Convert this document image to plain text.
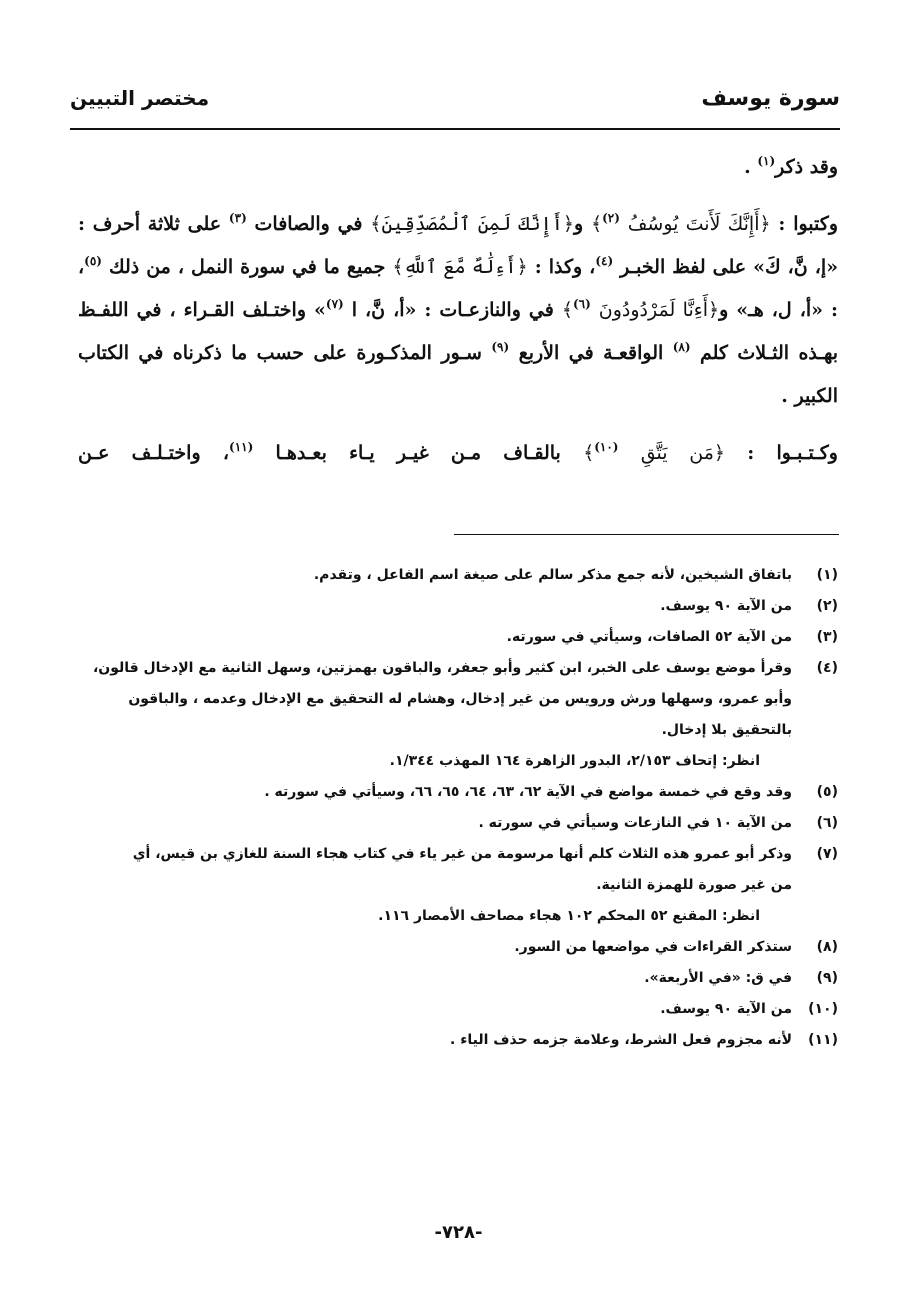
سورة يوسف
مختصر التبيين

وقد ذكر$^{(١)}$ .

وكتبوا : ﴿أَإِنَّكَ لَأَنتَ يُوسُفُ $^{(٢)}$﴾ و﴿أَإِنَّكَ لَمِنَ ٱلْمُصَدِّقِينَ﴾ في والصافات $^{(٣)}$ على ثلاثة أحرف : «إ، نَّ، كَ» على لفظ الخبـر $^{(٤)}$، وكذا : ﴿أَءِلَٰهٌ مَّعَ ٱللَّهِ﴾ جميع ما في سورة النمل ، من ذلك $^{(٥)}$، : «أ، ل، هـ» و﴿أَءِنَّا لَمَرْدُودُونَ $^{(٦)}$﴾ في والنازعـات : «أ، نَّ، ا $^{(٧)}$» واختـلف القـراء ، في اللفـظ بهـذه الثـلاث كلم $^{(٨)}$ الواقعـة في الأربع $^{(٩)}$ سـور المذكـورة على حسب ما ذكرناه في الكتاب الكبير .

وكـتـبـوا : ﴿مَن يَتَّقِ $^{(١٠)}$﴾ بالقـاف مـن غيـر يـاء بعـدهـا $^{(١١)}$، واختـلـف عـن

(١)
باتفاق الشيخين، لأنه جمع مذكر سالم على صيغة اسم الفاعل ، وتقدم.
(٢)
من الآية ٩٠ يوسف.
(٣)
من الآية ٥٢ الصافات، وسيأتي في سورته.
(٤)
وقرأ موضع يوسف على الخبر، ابن كثير وأبو جعفر، والباقون بهمزتين، وسهل الثانية مع الإدخال قالون،
وأبو عمرو، وسهلها ورش ورويس من غير إدخال، وهشام له التحقيق مع الإدخال وعدمه ، والباقون
بالتحقيق بلا إدخال.
انظر: إتحاف ٢/١٥٣، البدور الزاهرة ١٦٤ المهذب ١/٣٤٤.
(٥)
وقد وقع في خمسة مواضع في الآية ٦٢، ٦٣، ٦٤، ٦٥، ٦٦، وسيأتي في سورته .
(٦)
من الآية ١٠ في النازعات وسيأتي في سورته .
(٧)
وذكر أبو عمرو هذه الثلاث كلم أنها مرسومة من غير ياء في كتاب هجاء السنة للغازي بن قيس، أي
من غير صورة للهمزة الثانية.
انظر: المقنع ٥٢ المحكم ١٠٢ هجاء مصاحف الأمصار ١١٦.
(٨)
ستذكر القراءات في مواضعها من السور.
(٩)
في ق: «في الأربعة».
(١٠)
من الآية ٩٠ يوسف.
(١١)
لأنه مجزوم فعل الشرط، وعلامة جزمه حذف الياء .
-٧٢٨-
